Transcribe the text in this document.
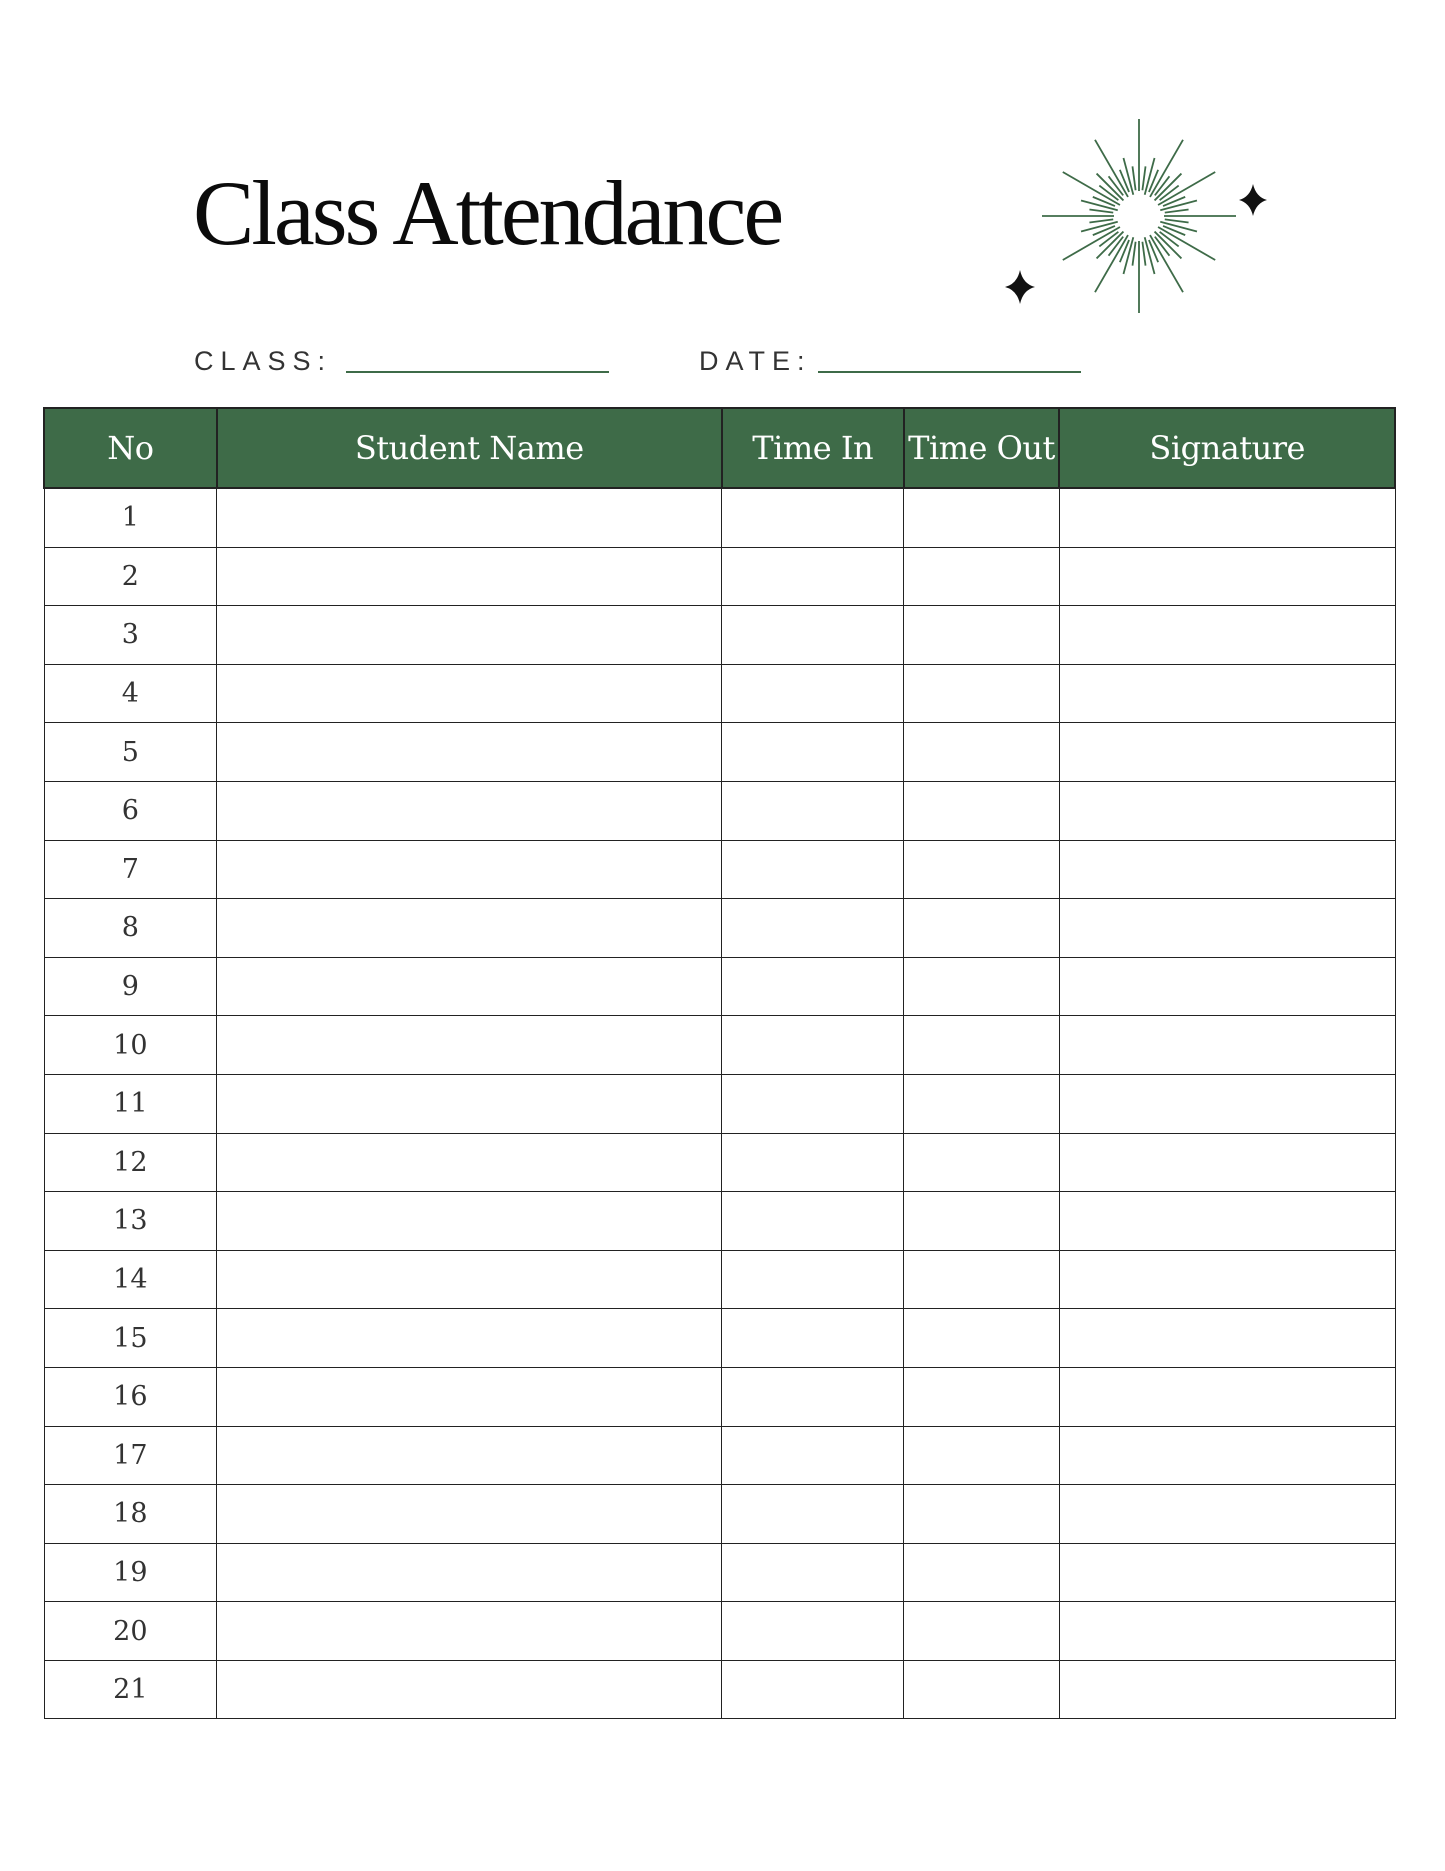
Class Attendance
CLASS:	DATE:
No	Student Name	Time In	Time Out	Signature
1				
2				
3				
4				
5				
6				
7				
8				
9				
10				
11				
12				
13				
14				
15				
16				
17				
18				
19				
20				
21				
